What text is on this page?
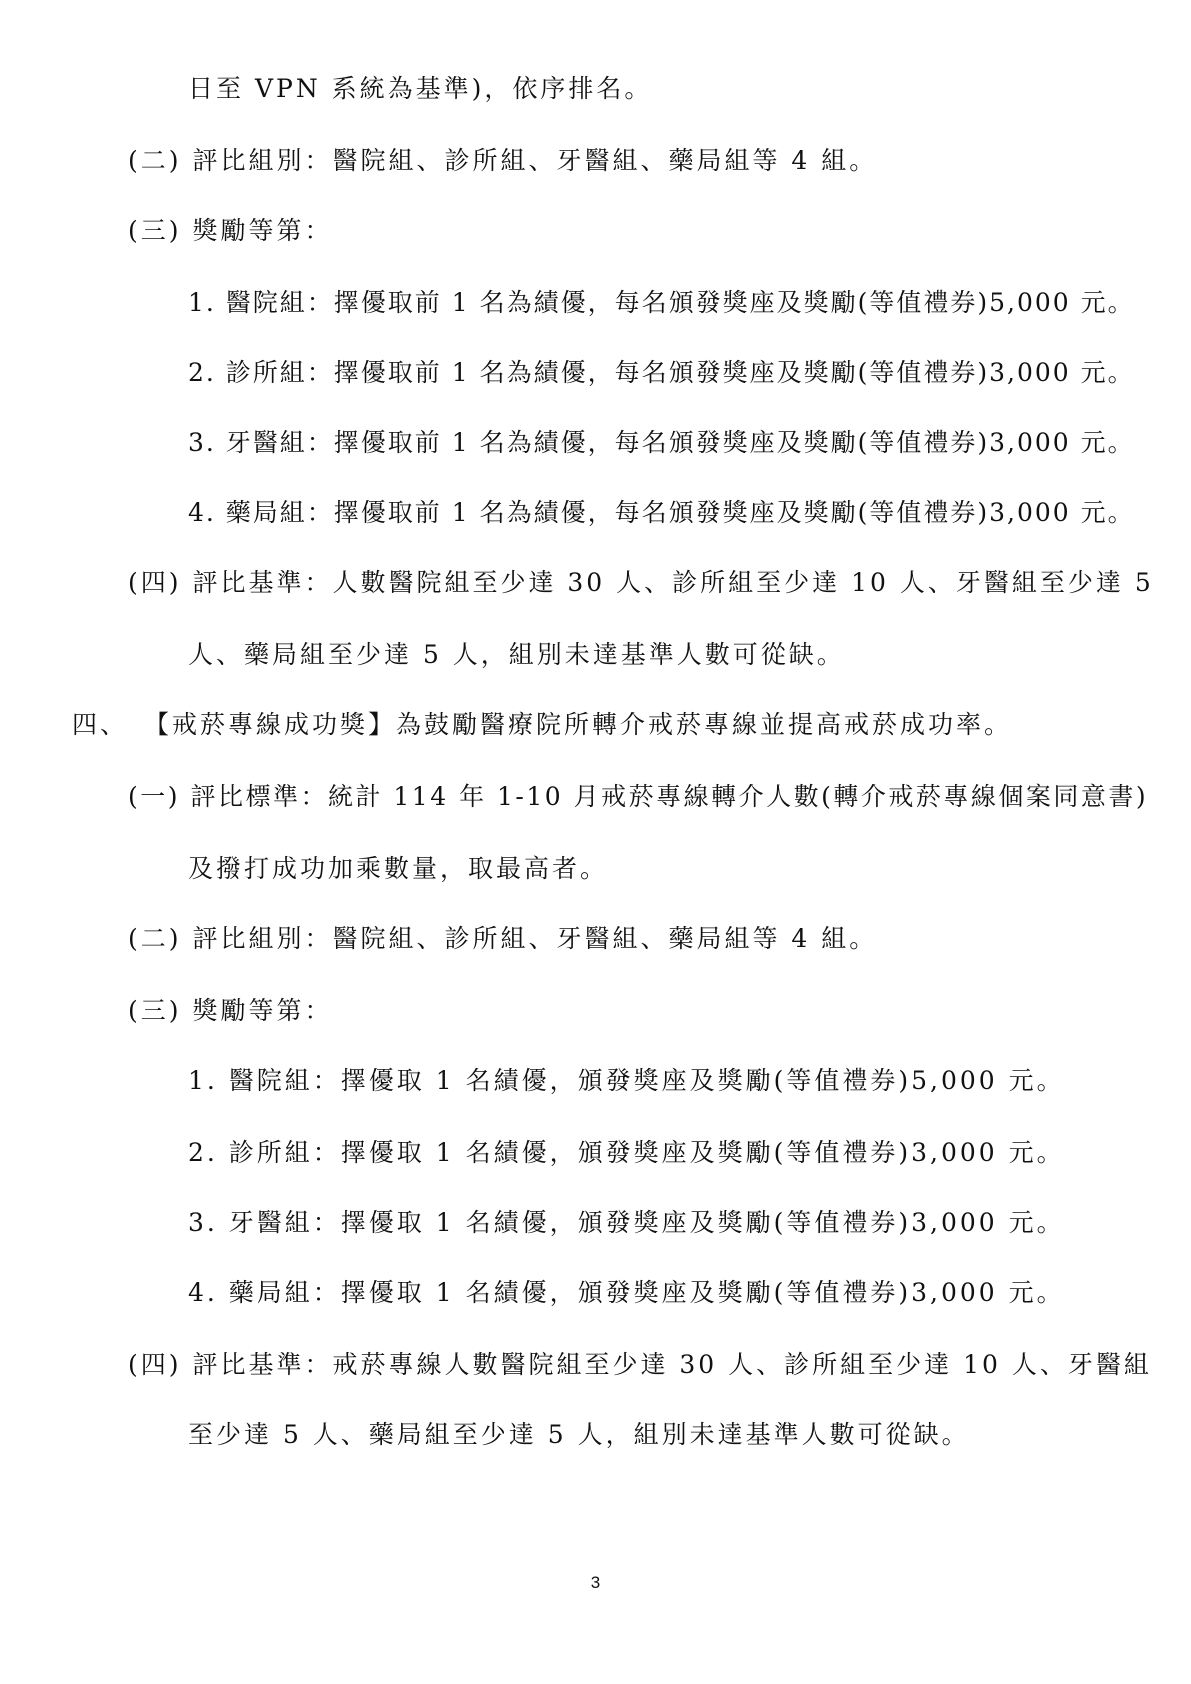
日至 VPN 系統為基準)，依序排名。
(二) 評比組別：醫院組、診所組、牙醫組、藥局組等 4 組。
(三) 獎勵等第：
1. 醫院組：擇優取前 1 名為績優，每名頒發獎座及獎勵(等值禮券)5,000 元。
2. 診所組：擇優取前 1 名為績優，每名頒發獎座及獎勵(等值禮券)3,000 元。
3. 牙醫組：擇優取前 1 名為績優，每名頒發獎座及獎勵(等值禮券)3,000 元。
4. 藥局組：擇優取前 1 名為績優，每名頒發獎座及獎勵(等值禮券)3,000 元。
(四) 評比基準：人數醫院組至少達 30 人、診所組至少達 10 人、牙醫組至少達 5
人、藥局組至少達 5 人，組別未達基準人數可從缺。
四、 【戒菸專線成功獎】為鼓勵醫療院所轉介戒菸專線並提高戒菸成功率。
(一) 評比標準：統計 114 年 1-10 月戒菸專線轉介人數(轉介戒菸專線個案同意書)
及撥打成功加乘數量，取最高者。
(二) 評比組別：醫院組、診所組、牙醫組、藥局組等 4 組。
(三) 獎勵等第：
1. 醫院組：擇優取 1 名績優，頒發獎座及獎勵(等值禮券)5,000 元。
2. 診所組：擇優取 1 名績優，頒發獎座及獎勵(等值禮券)3,000 元。
3. 牙醫組：擇優取 1 名績優，頒發獎座及獎勵(等值禮券)3,000 元。
4. 藥局組：擇優取 1 名績優，頒發獎座及獎勵(等值禮券)3,000 元。
(四) 評比基準：戒菸專線人數醫院組至少達 30 人、診所組至少達 10 人、牙醫組
至少達 5 人、藥局組至少達 5 人，組別未達基準人數可從缺。
3
